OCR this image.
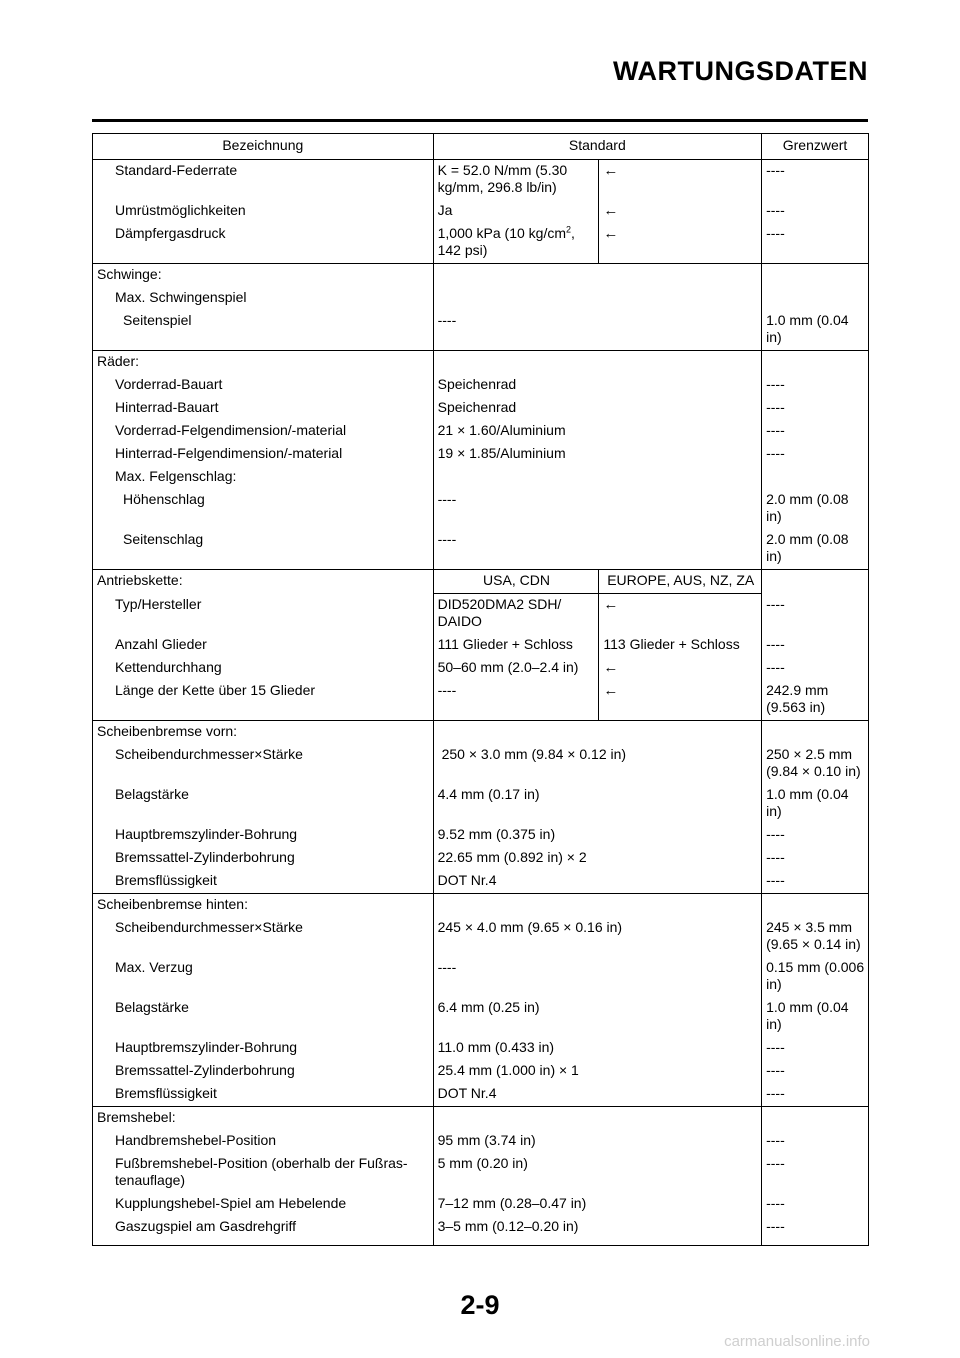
WARTUNGSDATEN
Bezeichnung	Standard		Grenzwert

Standard-Federrate	K = 52.0 N/mm (5.30 kg/mm, 296.8 lb/in)	←	----

Umrüstmöglichkeiten	Ja	←	----

Dämpfergasdruck	1,000 kPa (10 $kg/cm^2$, 142 psi)	←	----
Schwinge:			

Max. Schwingenspiel			

Seitenspiel	----		1.0 mm (0.04 in)
Räder:			

Vorderrad-Bauart	Speichenrad		----

Hinterrad-Bauart	Speichenrad		----

Vorderrad-Felgendimension/-material	21 × 1.60/Aluminium		----

Hinterrad-Felgendimension/-material	19 × 1.85/Aluminium		----

Max. Felgenschlag:			

Höhenschlag	----		2.0 mm (0.08 in)

Seitenschlag	----		2.0 mm (0.08 in)
Antriebskette:	USA, CDN	EUROPE, AUS, NZ, ZA	

Typ/Hersteller	DID520DMA2 SDH/ DAIDO	←	----

Anzahl Glieder	111 Glieder + Schloss	113 Glieder + Schloss	----

Kettendurchhang	50–60 mm (2.0–2.4 in)	←	----

Länge der Kette über 15 Glieder	----	←	242.9 mm (9.563 in)
Scheibenbremse vorn:			

Scheibendurchmesser×Stärke	250 × 3.0 mm (9.84 × 0.12 in)		250 × 2.5 mm (9.84 × 0.10 in)

Belagstärke	4.4 mm (0.17 in)		1.0 mm (0.04 in)

Hauptbremszylinder-Bohrung	9.52 mm (0.375 in)		----

Bremssattel-Zylinderbohrung	22.65 mm (0.892 in) × 2		----

Bremsflüssigkeit	DOT Nr.4		----
Scheibenbremse hinten:			

Scheibendurchmesser×Stärke	245 × 4.0 mm (9.65 × 0.16 in)		245 × 3.5 mm (9.65 × 0.14 in)

Max. Verzug	----		0.15 mm (0.006 in)

Belagstärke	6.4 mm (0.25 in)		1.0 mm (0.04 in)

Hauptbremszylinder-Bohrung	11.0 mm (0.433 in)		----

Bremssattel-Zylinderbohrung	25.4 mm (1.000 in) × 1		----

Bremsflüssigkeit	DOT Nr.4		----
Bremshebel:			

Handbremshebel-Position	95 mm (3.74 in)		----

Fußbremshebel-Position (oberhalb der Fußras-tenauflage)	5 mm (0.20 in)		----

Kupplungshebel-Spiel am Hebelende	7–12 mm (0.28–0.47 in)		----

Gaszugspiel am Gasdrehgriff	3–5 mm (0.12–0.20 in)		----
2-9
carmanualsonline.info
